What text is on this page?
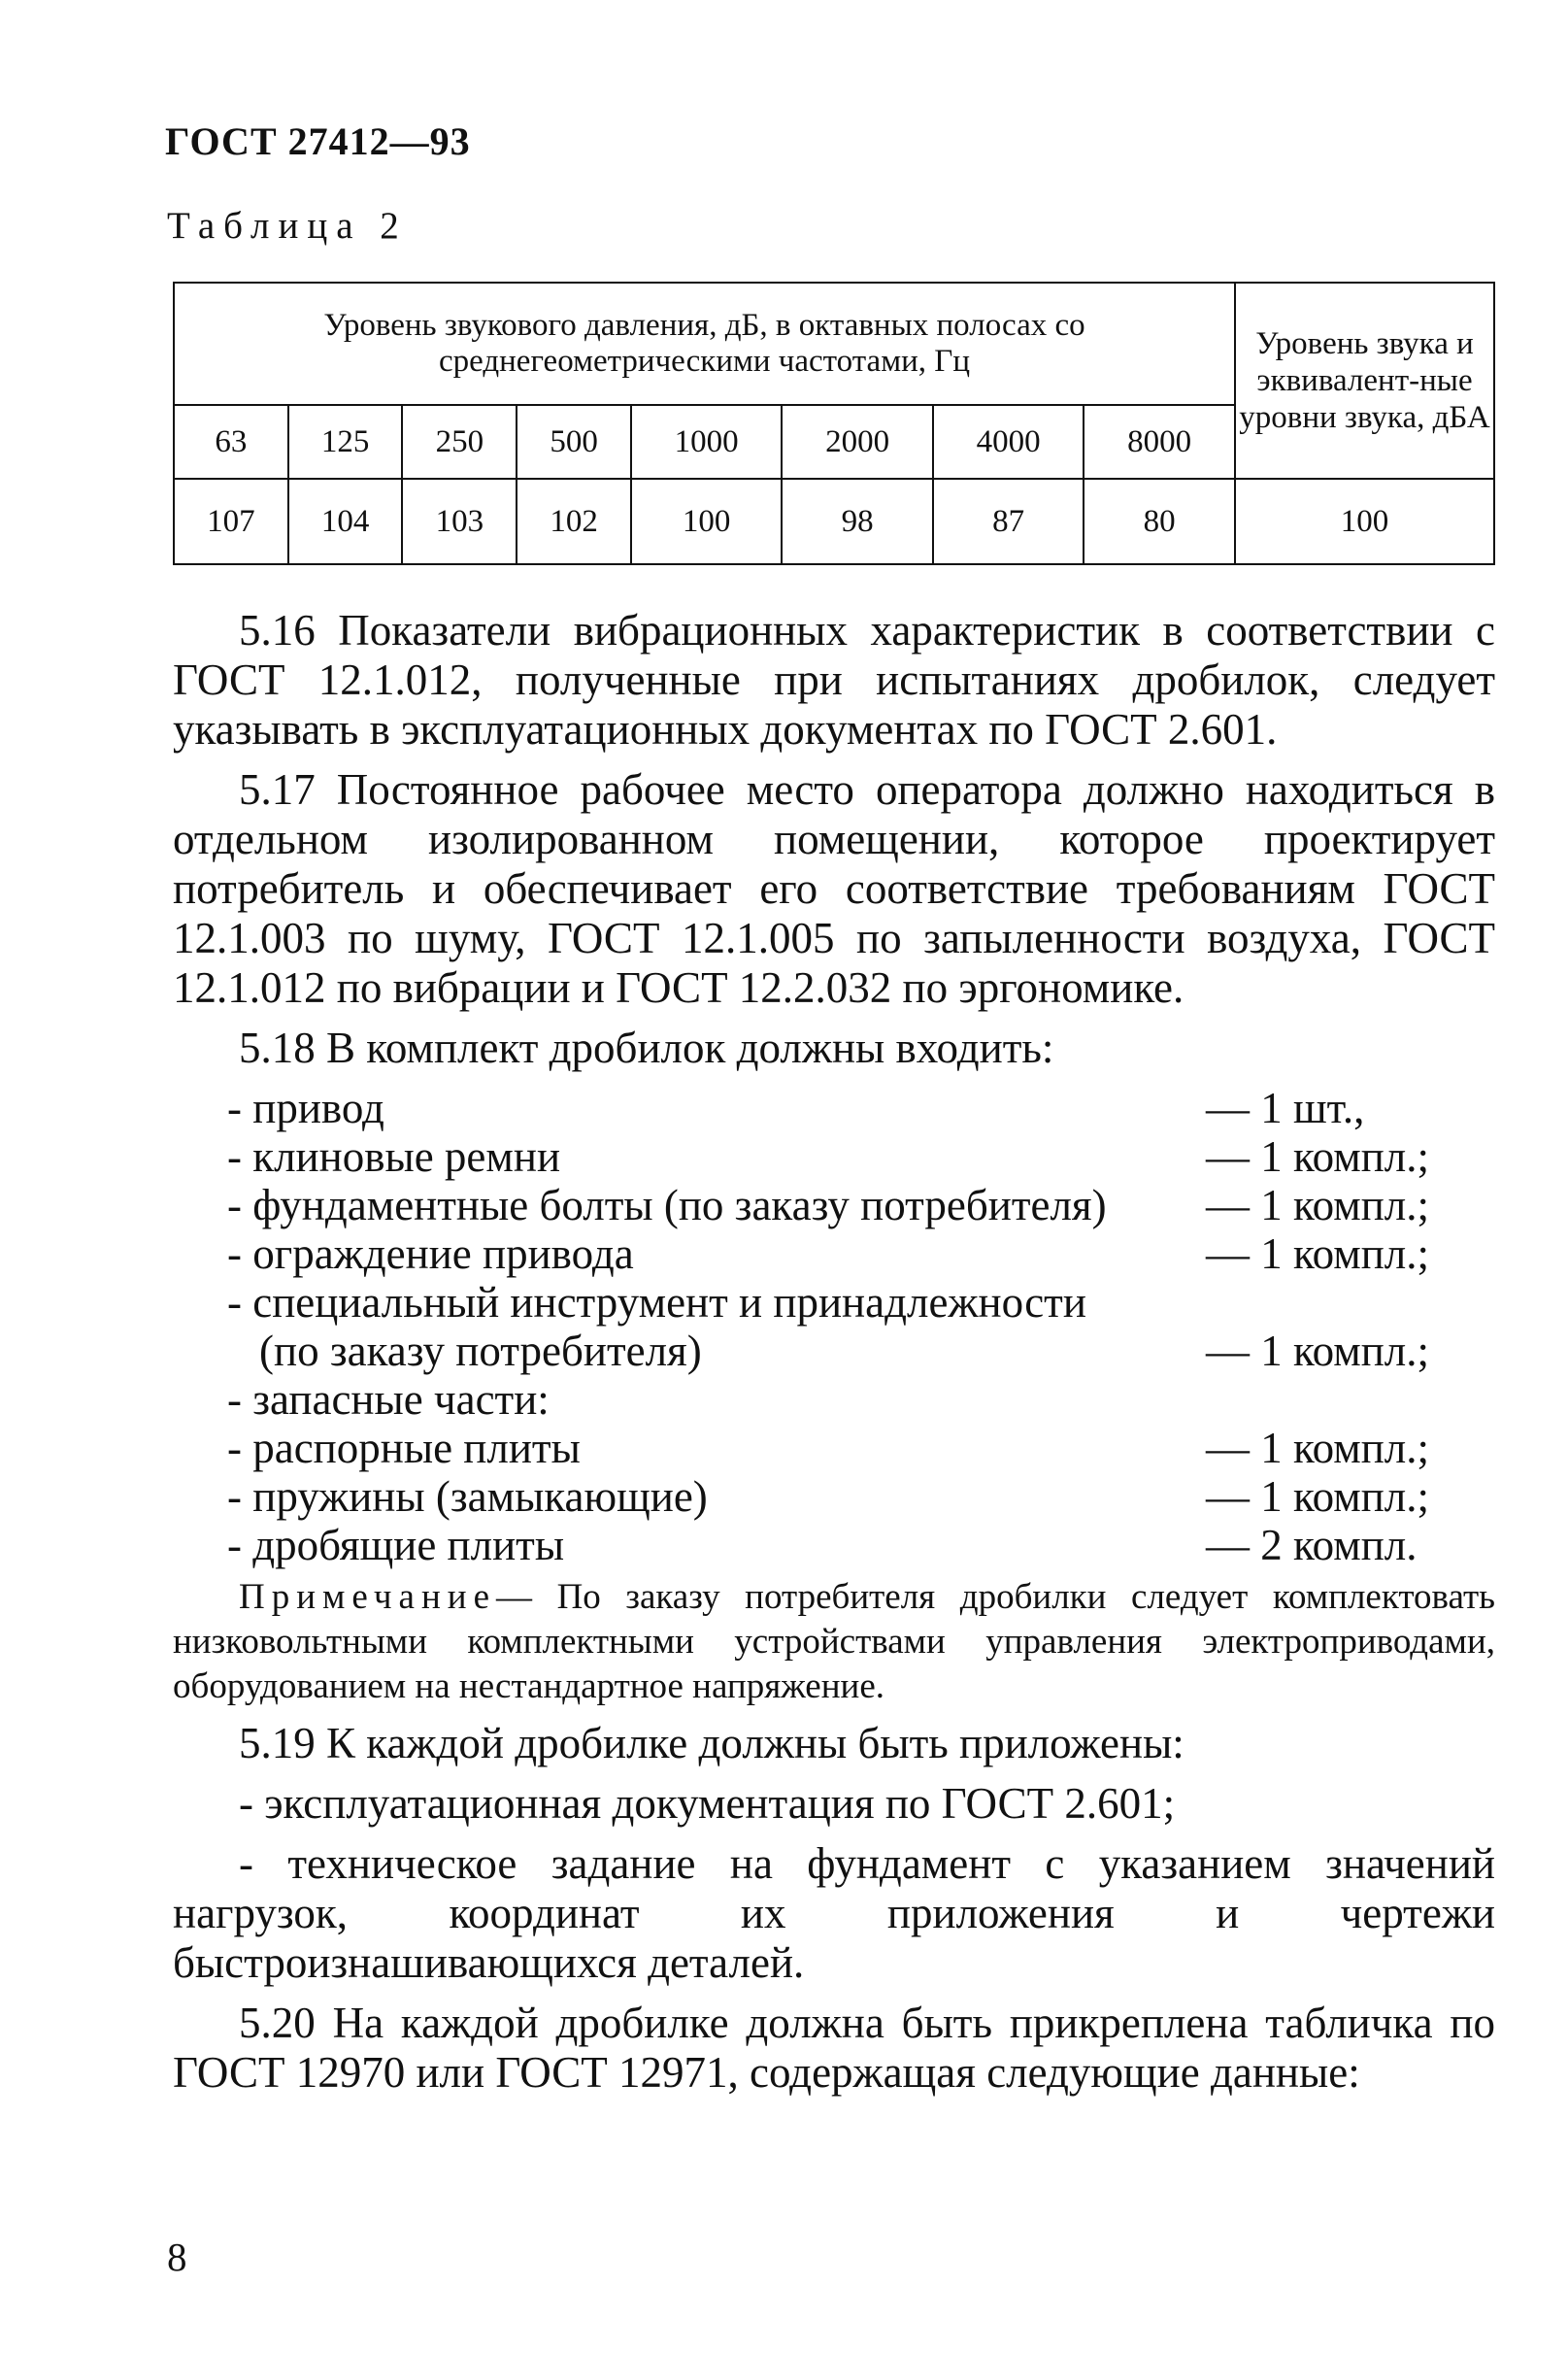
ГОСТ 27412—93
Таблица 2
Уровень звукового давления, дБ, в октавных полосах со среднегеометрическими частотами, Гц								Уровень звука и эквивалент-ные уровни звука, дБА
63	125	250	500	1000	2000	4000	8000	
107	104	103	102	100	98	87	80	100

5.16 Показатели вибрационных характеристик в соответствии с ГОСТ 12.1.012, полученные при испытаниях дробилок, следует указывать в эксплуатационных документах по ГОСТ 2.601.

5.17 Постоянное рабочее место оператора должно находиться в отдельном изолированном помещении, которое проектирует потребитель и обеспечивает его соответствие требованиям ГОСТ 12.1.003 по шуму, ГОСТ 12.1.005 по запыленности воздуха, ГОСТ 12.1.012 по вибрации и ГОСТ 12.2.032 по эргономике.

5.18 В комплект дробилок должны входить:

- привод	— 1 шт.,
- клиновые ремни	— 1 компл.;
- фундаментные болты (по заказу потребителя) — 1 компл.;
- ограждение привода	— 1 компл.;
- специальный инструмент и принадлежности
(по заказу потребителя)	— 1 компл.;
- запасные части:
- распорные плиты	— 1 компл.;
- пружины (замыкающие)	— 1 компл.;
- дробящие плиты	— 2 компл.

Примечание— По заказу потребителя дробилки следует комплектовать низковольтными комплектными устройствами управления электроприводами, оборудованием на нестандартное напряжение.

5.19 К каждой дробилке должны быть приложены:

- эксплуатационная документация по ГОСТ 2.601;

- техническое задание на фундамент с указанием значений нагрузок, координат их приложения и чертежи быстроизнашивающихся деталей.

5.20 На каждой дробилке должна быть прикреплена табличка по ГОСТ 12970 или ГОСТ 12971, содержащая следующие данные:

8
